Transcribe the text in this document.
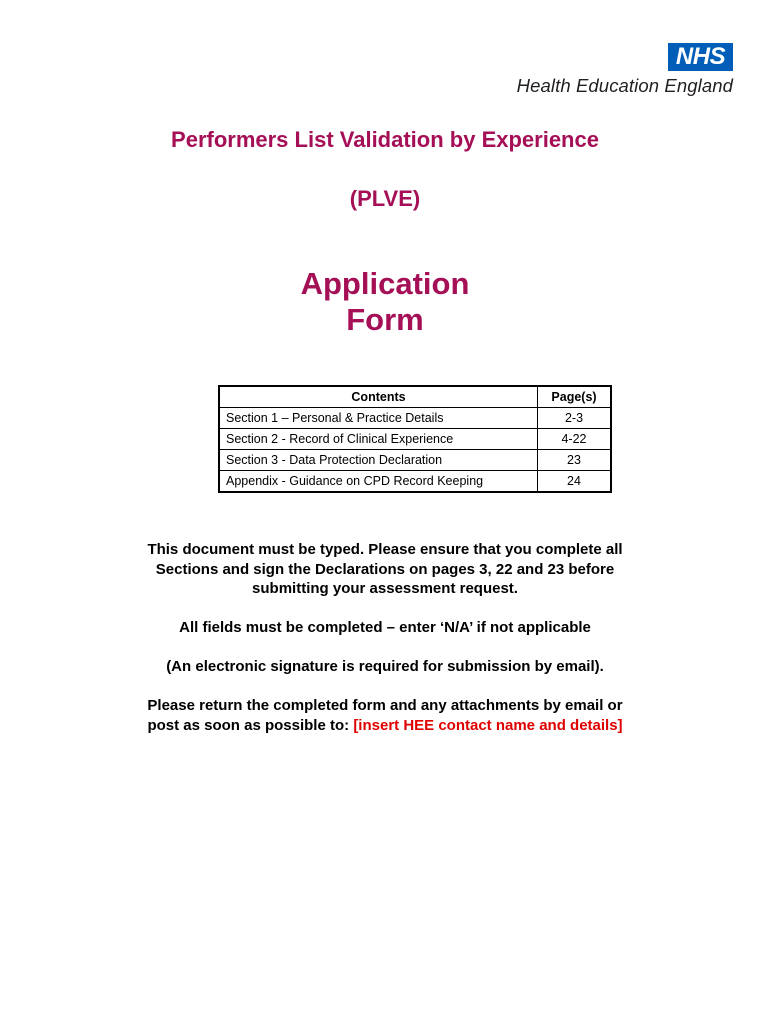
NHS
Health Education England
Performers List Validation by Experience
(PLVE)
Application
Form
Contents	Page(s)
Section 1 – Personal & Practice Details	2-3
Section 2 - Record of Clinical Experience	4-22
Section 3 - Data Protection Declaration	23
Appendix - Guidance on CPD Record Keeping	24
This document must be typed. Please ensure that you complete all
Sections and sign the Declarations on pages 3, 22 and 23 before
submitting your assessment request.
All fields must be completed – enter ‘N/A’ if not applicable
(An electronic signature is required for submission by email).
Please return the completed form and any attachments by email or
post as soon as possible to: [insert HEE contact name and details]
